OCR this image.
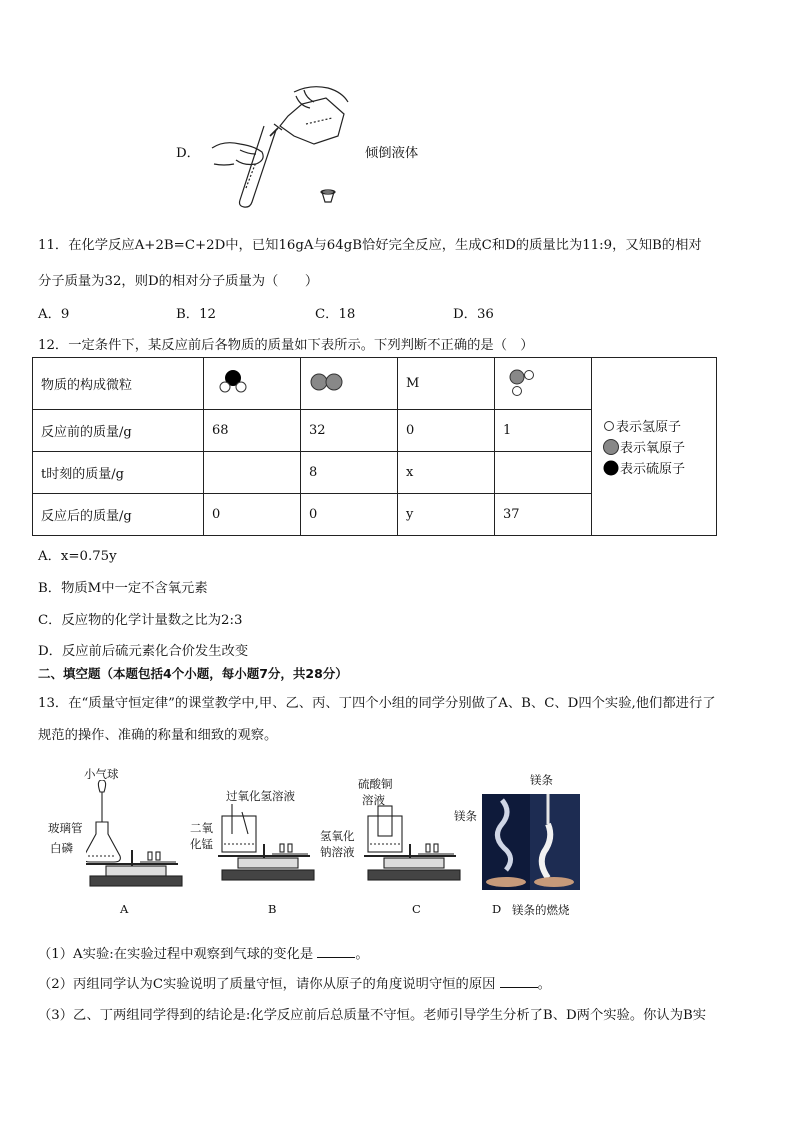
D．	倾倒液体
11．在化学反应A+2B=C+2D中，已知16gA与64gB恰好完全反应，生成C和D的质量比为11:9，又知B的相对
分子质量为32，则D的相对分子质量为（　　）
A．9	B．12	C．18	D．36
12．一定条件下，某反应前后各物质的质量如下表所示。下列判断不正确的是（　）
物质的构成微粒			M		表示氢原子
表示氧原子
表示硫原子

反应前的质量/g	68	32	0	1	
t时刻的质量/g		8	x		
反应后的质量/g	0	0	y	37	
A．x=0.75y
B．物质M中一定不含氧元素
C．反应物的化学计量数之比为2:3
D．反应前后硫元素化合价发生改变
二、填空题（本题包括4个小题，每小题7分，共28分）
13．在“质量守恒定律”的课堂教学中,甲、乙、丙、丁四个小组的同学分别做了A、B、C、D四个实验,他们都进行了
规范的操作、准确的称量和细致的观察。
小气球
玻璃管
白磷
A
过氧化氢溶液
二氧
化锰
B
硫酸铜
溶液
氢氧化
钠溶液
C
镁条
镁条
D 镁条的燃烧
（1）A实验:在实验过程中观察到气球的变化是	。
（2）丙组同学认为C实验说明了质量守恒，请你从原子的角度说明守恒的原因	。
（3）乙、丁两组同学得到的结论是:化学反应前后总质量不守恒。老师引导学生分析了B、D两个实验。你认为B实
